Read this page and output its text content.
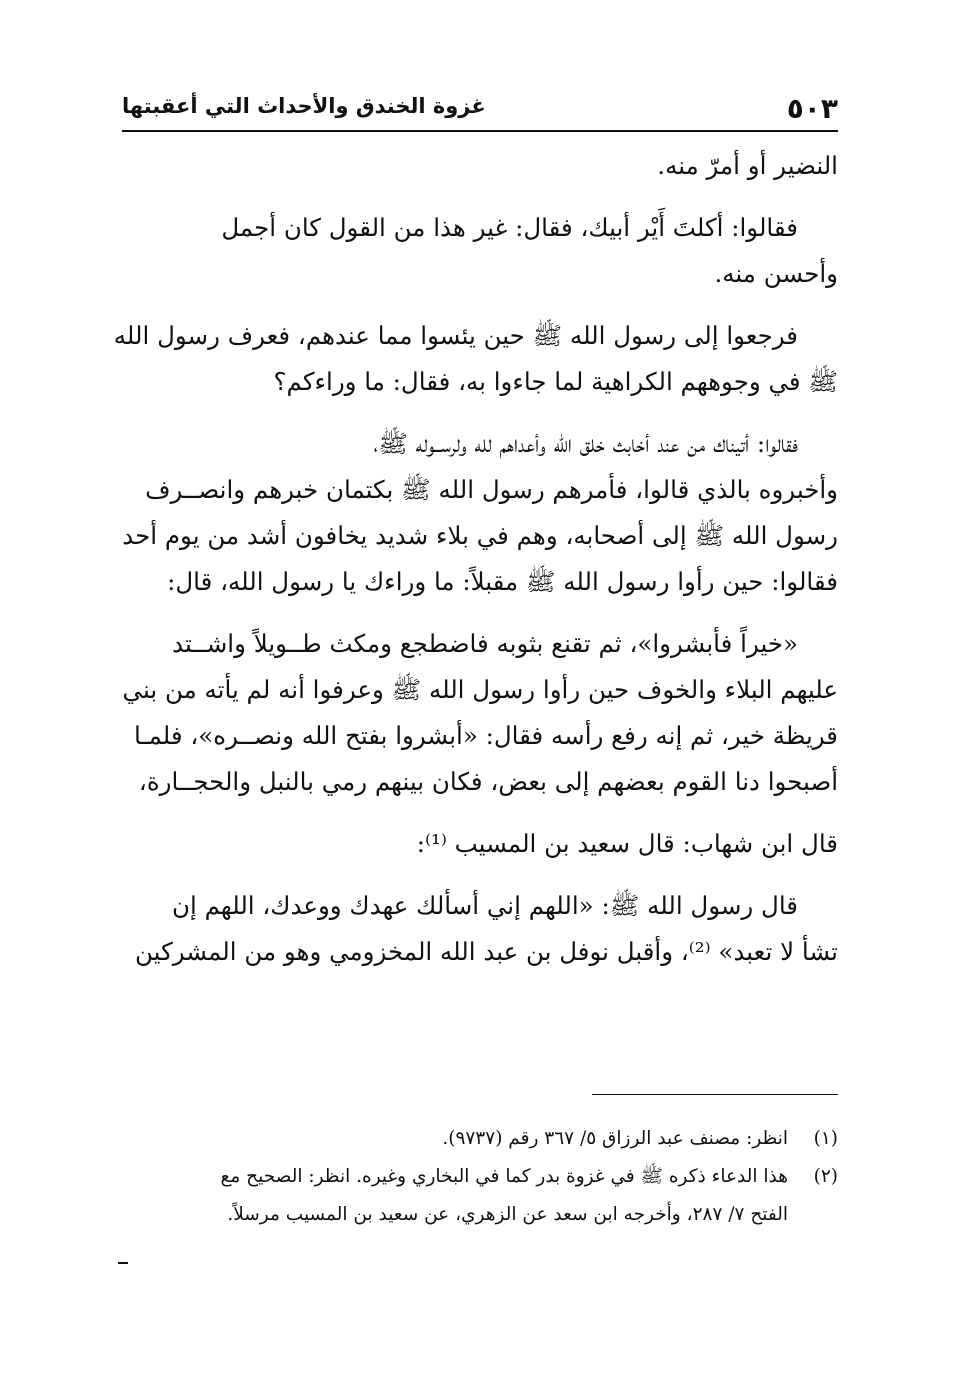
٥٠٣
غزوة الخندق والأحداث التي أعقبتها

النضير أو أمرّ منه.

فقالوا: أكلتَ أَيْر أبيك، فقال: غير هذا من القول كان أجمل
وأحسن منه.

فرجعوا إلى رسول الله ﷺ حين يئسوا مما عندهم، فعرف رسول الله
ﷺ في وجوههم الكراهية لما جاءوا به، فقال: ما وراءكم؟

فقالوا: أتيناك من عند أخابث خلق الله وأعداهم لله ولرســوله ﷺ،
وأخبروه بالذي قالوا، فأمرهم رسول الله ﷺ بكتمان خبرهم وانصــرف
رسول الله ﷺ إلى أصحابه، وهم في بلاء شديد يخافون أشد من يوم أحد
فقالوا: حين رأوا رسول الله ﷺ مقبلاً: ما وراءك يا رسول الله، قال:

«خيراً فأبشروا»، ثم تقنع بثوبه فاضطجع ومكث طــويلاً واشــتد
عليهم البلاء والخوف حين رأوا رسول الله ﷺ وعرفوا أنه لم يأته من بني
قريظة خير، ثم إنه رفع رأسه فقال: «أبشروا بفتح الله ونصــره»، فلمـا
أصبحوا دنا القوم بعضهم إلى بعض، فكان بينهم رمي بالنبل والحجــارة،

قال ابن شهاب: قال سعيد بن المسيب ⁽¹⁾:

قال رسول الله ﷺ: «اللهم إني أسألك عهدك ووعدك، اللهم إن
تشأ لا تعبد» ⁽²⁾، وأقبل نوفل بن عبد الله المخزومي وهو من المشركين

(١)
انظر: مصنف عبد الرزاق ٥/ ٣٦٧ رقم (٩٧٣٧).
(٢)
هذا الدعاء ذكره ﷺ في غزوة بدر كما في البخاري وغيره. انظر: الصحيح مع
الفتح ٧/ ٢٨٧، وأخرجه ابن سعد عن الزهري، عن سعيد بن المسيب مرسلاً.
